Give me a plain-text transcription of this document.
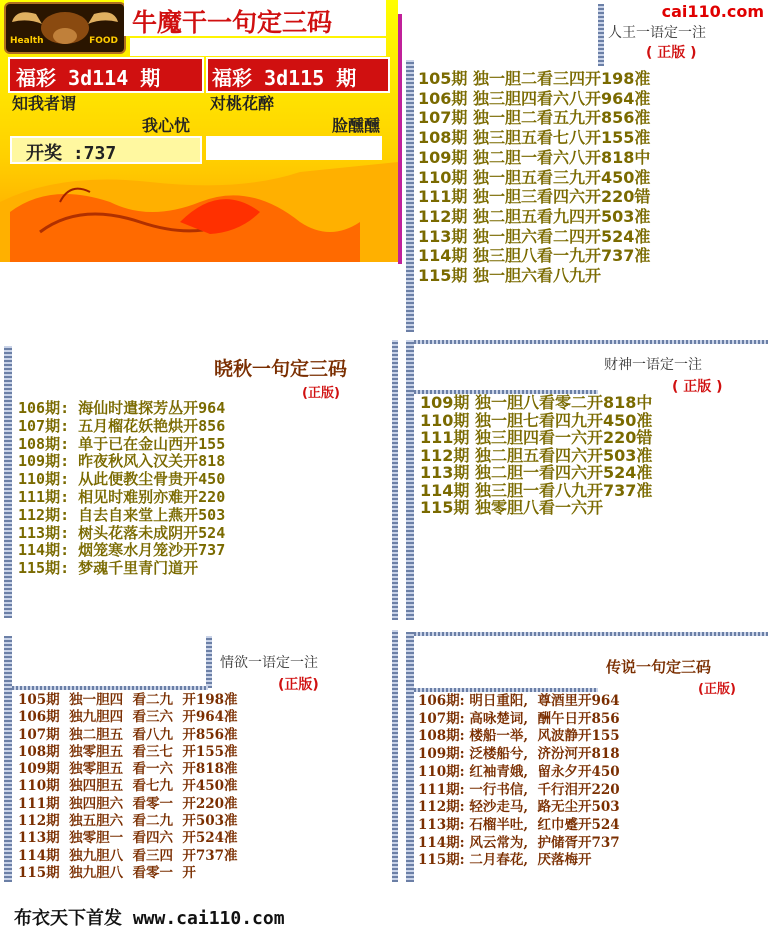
Health	FOOD
牛魔干一句定三码
福彩 3d114 期	福彩 3d115 期
知我者谓
我心忧
对桃花醉
脸醺醺
开奖 :737
cai110.com
人王一语定一注
( 正版 )
105期 独一胆二看三四开198准
106期 独三胆四看六八开964准
107期 独一胆二看五九开856准
108期 独三胆五看七八开155准
109期 独二胆一看六八开818中
110期 独一胆五看三九开450准
111期 独一胆三看四六开220错
112期 独二胆五看九四开503准
113期 独一胆六看二四开524准
114期 独三胆八看一九开737准
115期 独一胆六看八九开
晓秋一句定三码
(正版)
106期: 海仙时遣探芳丛开964
107期: 五月榴花妖艳烘开856
108期: 单于已在金山西开155
109期: 昨夜秋风入汉关开818
110期: 从此便教尘骨贵开450
111期: 相见时难别亦难开220
112期: 自去自来堂上燕开503
113期: 树头花落未成阴开524
114期: 烟笼寒水月笼沙开737
115期: 梦魂千里青门道开
财神一语定一注
( 正版 )
109期 独一胆八看零二开818中
110期 独一胆七看四九开450准
111期 独三胆四看一六开220错
112期 独二胆五看四六开503准
113期 独二胆一看四六开524准
114期 独三胆一看八九开737准
115期 独零胆八看一六开
情欲一语定一注
(正版)
105期  独一胆四  看二九  开198准
106期  独九胆四  看三六  开964准
107期  独二胆五  看八九  开856准
108期  独零胆五  看三七  开155准
109期  独零胆五  看一六  开818准
110期  独四胆五  看七九  开450准
111期  独四胆六  看零一  开220准
112期  独五胆六  看二九  开503准
113期  独零胆一  看四六  开524准
114期  独九胆八  看三四  开737准
115期  独九胆八  看零一  开
传说一句定三码
(正版)
106期: 明日重阳,  尊酒里开964
107期: 高咏楚词,  酬午日开856
108期: 楼船一举,  风波静开155
109期: 泛楼船兮,  济汾河开818
110期: 红袖青娥,  留永夕开450
111期: 一行书信,  千行泪开220
112期: 轻沙走马,  路无尘开503
113期: 石榴半吐,  红巾蹙开524
114期: 风云常为,  护储胥开737
115期: 二月春花,  厌落梅开
布衣天下首发 www.cai110.com
